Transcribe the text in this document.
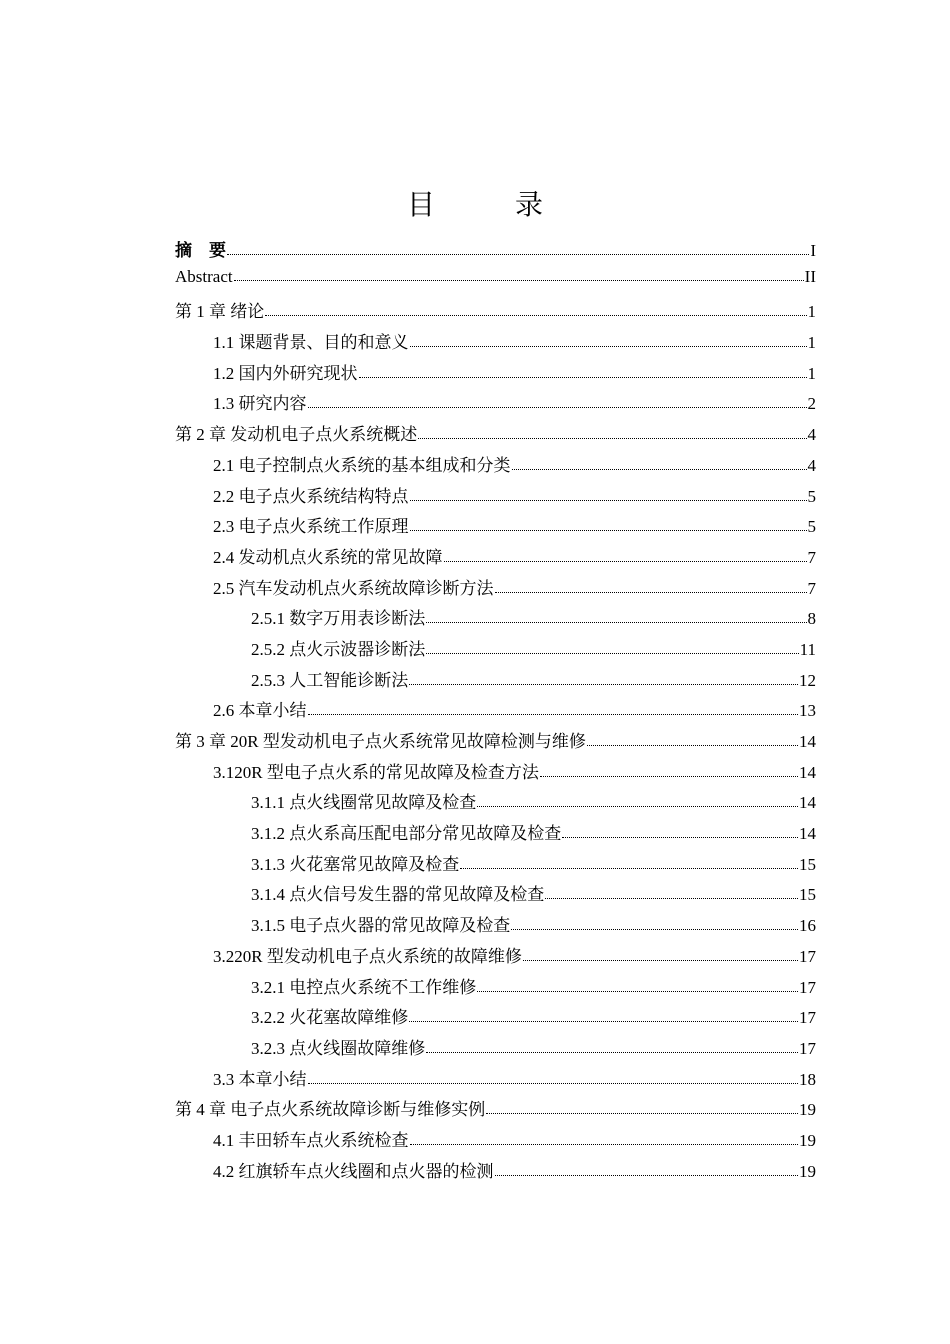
目　录
摘　要	I
Abstract	II
第 1 章 绪论	1
1.1 课题背景、目的和意义	1
1.2 国内外研究现状	1
1.3 研究内容	2
第 2 章 发动机电子点火系统概述	4
2.1 电子控制点火系统的基本组成和分类	4
2.2 电子点火系统结构特点	5
2.3 电子点火系统工作原理	5
2.4 发动机点火系统的常见故障	7
2.5 汽车发动机点火系统故障诊断方法	7
2.5.1 数字万用表诊断法	8
2.5.2 点火示波器诊断法	11
2.5.3 人工智能诊断法	12
2.6 本章小结	13
第 3 章 20R 型发动机电子点火系统常见故障检测与维修	14
3.120R 型电子点火系的常见故障及检查方法	14
3.1.1 点火线圈常见故障及检查	14
3.1.2 点火系高压配电部分常见故障及检查	14
3.1.3 火花塞常见故障及检查	15
3.1.4 点火信号发生器的常见故障及检查	15
3.1.5 电子点火器的常见故障及检查	16
3.220R 型发动机电子点火系统的故障维修	17
3.2.1 电控点火系统不工作维修	17
3.2.2 火花塞故障维修	17
3.2.3 点火线圈故障维修	17
3.3 本章小结	18
第 4 章 电子点火系统故障诊断与维修实例	19
4.1 丰田轿车点火系统检查	19
4.2 红旗轿车点火线圈和点火器的检测	19
